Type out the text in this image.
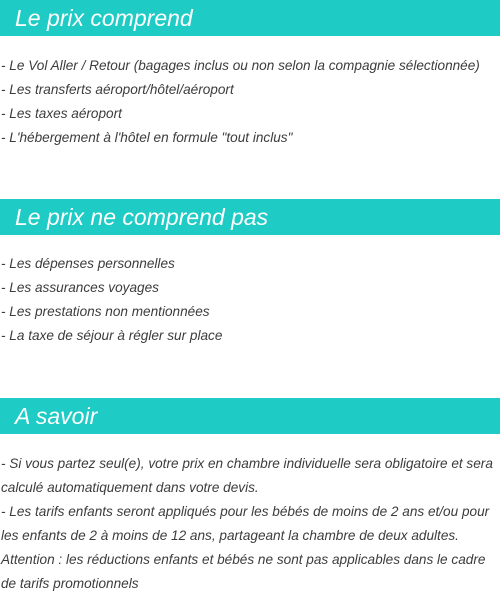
Le prix comprend
- Le Vol Aller / Retour (bagages inclus ou non selon la compagnie sélectionnée)
- Les transferts aéroport/hôtel/aéroport
- Les taxes aéroport
- L'hébergement à l'hôtel en formule "tout inclus"
Le prix ne comprend pas
- Les dépenses personnelles
- Les assurances voyages
- Les prestations non mentionnées
- La taxe de séjour à régler sur place
A savoir
- Si vous partez seul(e), votre prix en chambre individuelle sera obligatoire et sera calculé automatiquement dans votre devis.
- Les tarifs enfants seront appliqués pour les bébés de moins de 2 ans et/ou pour les enfants de 2 à moins de 12 ans, partageant la chambre de deux adultes.
Attention : les réductions enfants et bébés ne sont pas applicables dans le cadre de tarifs promotionnels
